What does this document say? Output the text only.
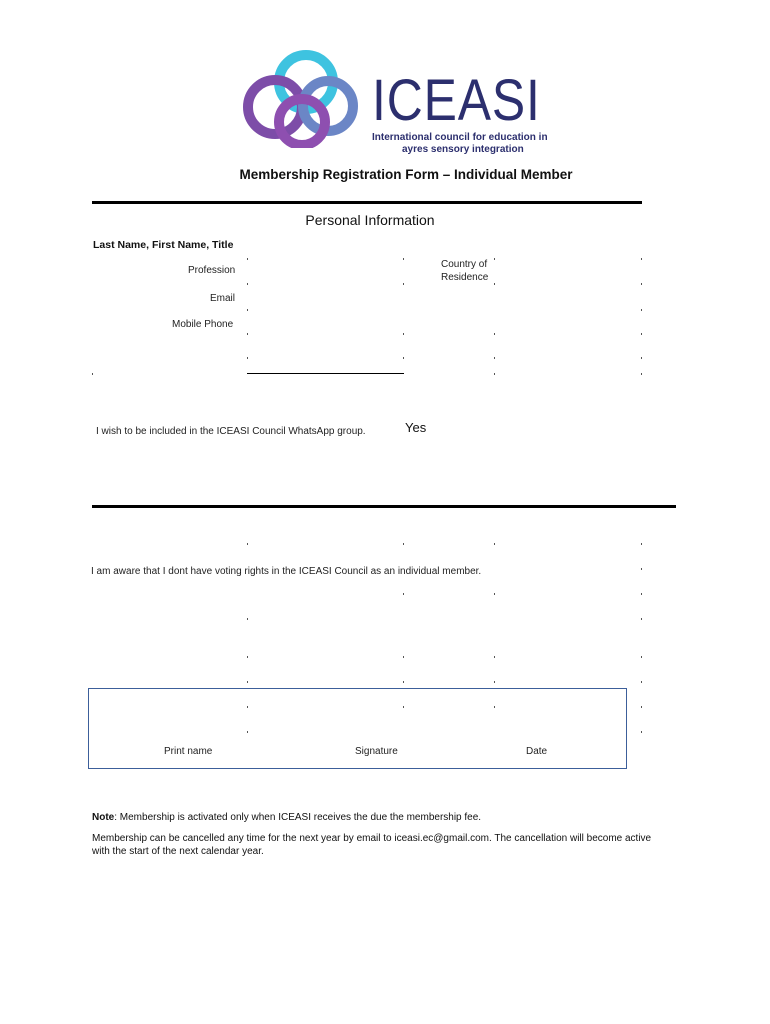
ICEASI
International council for education in
ayres sensory integration
Membership Registration Form – Individual Member
Personal Information
Last Name, First Name, Title
Profession
Country of
Residence
Email
Mobile Phone
I wish to be included in the ICEASI Council WhatsApp group.	Yes
I am aware that I dont have voting rights in the ICEASI Council as an individual member.
Print name	Signature	Date
Note: Membership is activated only when ICEASI receives the due the membership fee.
Membership can be cancelled any time for the next year by email to iceasi.ec@gmail.com. The cancellation will become active with the start of the next calendar year.
